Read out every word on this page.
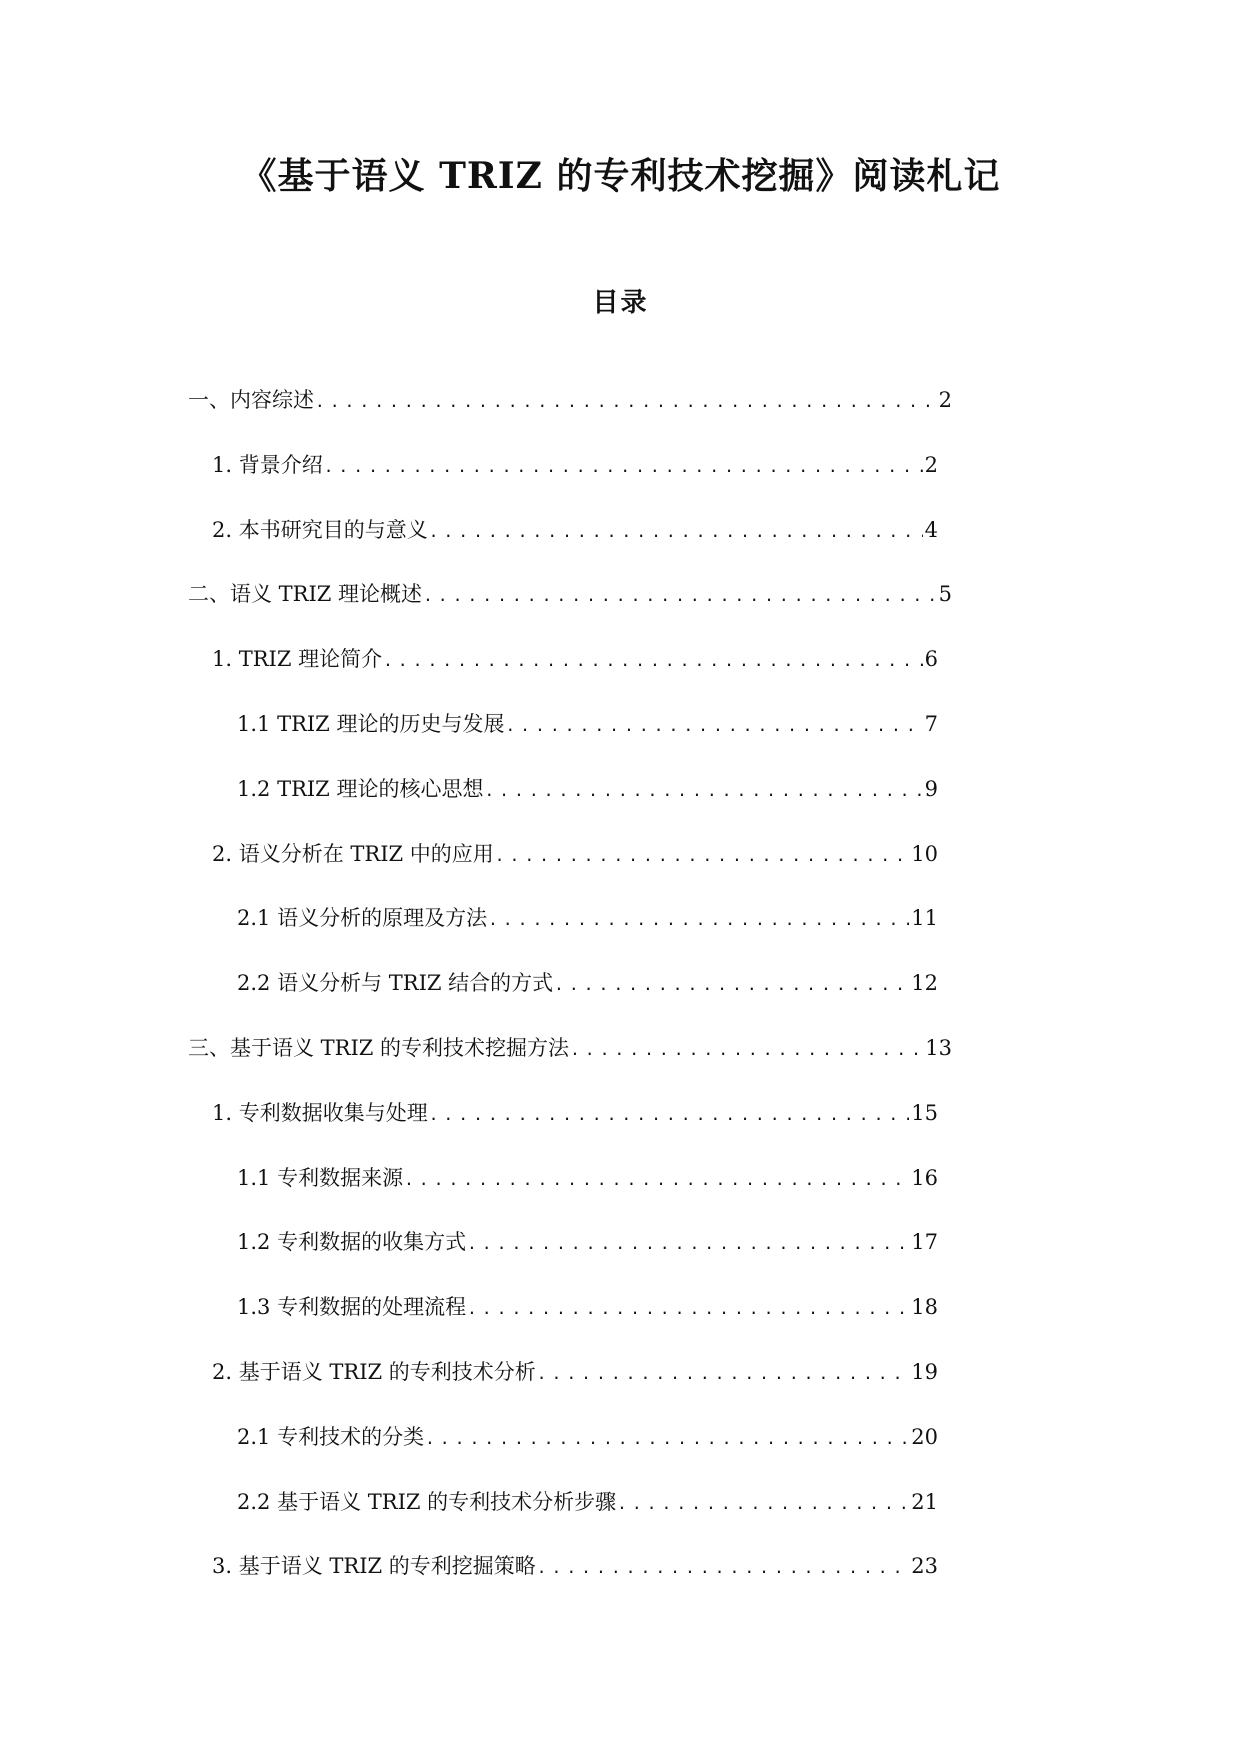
《基于语义 TRIZ 的专利技术挖掘》阅读札记
目录
一、内容综述 .....	2
1. 背景介绍 .....	2
2. 本书研究目的与意义 .....	4
二、语义 TRIZ 理论概述 .....	5
1. TRIZ 理论简介 .....	6
1.1 TRIZ 理论的历史与发展 .....	7
1.2 TRIZ 理论的核心思想 .....	9
2. 语义分析在 TRIZ 中的应用 .....	10
2.1 语义分析的原理及方法 .....	11
2.2 语义分析与 TRIZ 结合的方式 .....	12
三、基于语义 TRIZ 的专利技术挖掘方法 .....	13
1. 专利数据收集与处理 .....	15
1.1 专利数据来源 .....	16
1.2 专利数据的收集方式 .....	17
1.3 专利数据的处理流程 .....	18
2. 基于语义 TRIZ 的专利技术分析 .....	19
2.1 专利技术的分类 .....	20
2.2 基于语义 TRIZ 的专利技术分析步骤 .....	21
3. 基于语义 TRIZ 的专利挖掘策略 .....	23
